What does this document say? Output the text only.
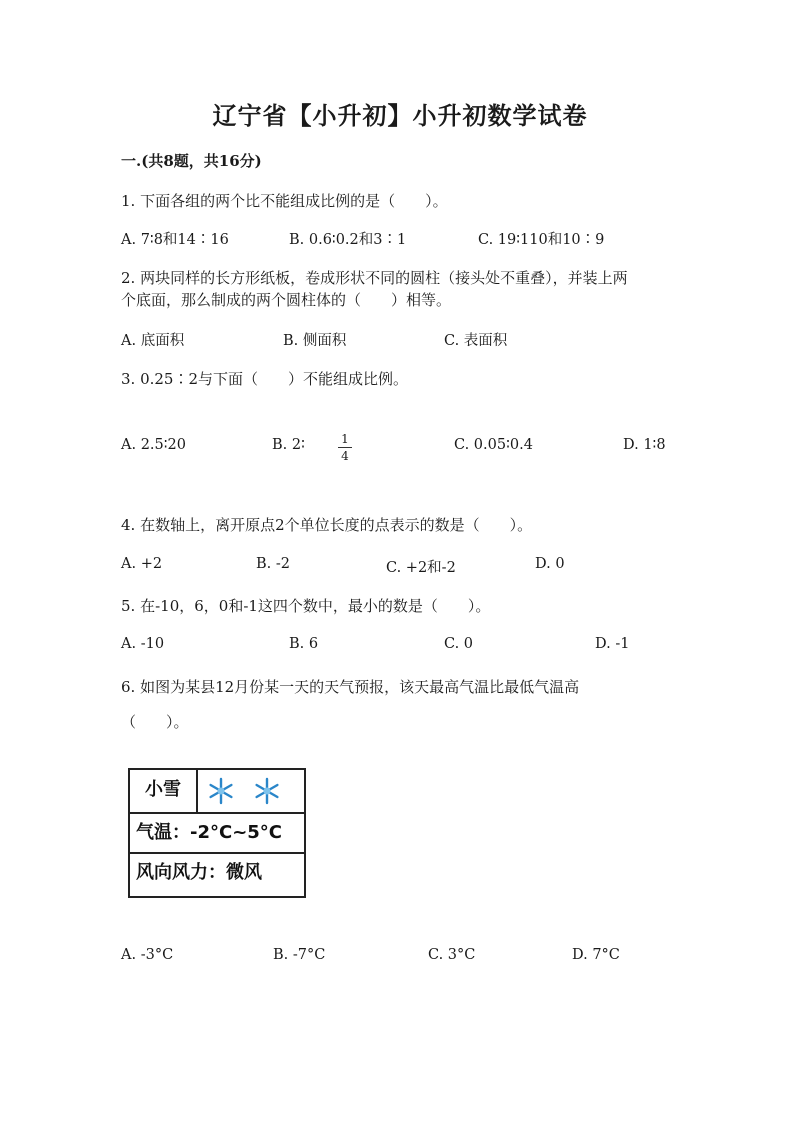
辽宁省【小升初】小升初数学试卷
一.(共8题，共16分)
1. 下面各组的两个比不能组成比例的是（　　）。
A. 7∶8和14∶16	B. 0.6∶0.2和3∶1	C. 19∶110和10∶9
2. 两块同样的长方形纸板，卷成形状不同的圆柱（接头处不重叠），并装上两
个底面，那么制成的两个圆柱体的（　　）相等。
A. 底面积	B. 侧面积	C. 表面积
3. 0.25∶2与下面（　　）不能组成比例。
A. 2.5∶20	B. 2∶	1
4
C. 0.05∶0.4	D. 1∶8
4. 在数轴上，离开原点2个单位长度的点表示的数是（　　）。
A. +2	B. -2	C. +2和-2	D. 0
5. 在-10，6，0和-1这四个数中，最小的数是（　　）。
A. -10	B. 6	C. 0	D. -1
6. 如图为某县12月份某一天的天气预报，该天最高气温比最低气温高
（　　）。
小雪
气温：-2°C~5°C
风向风力：微风
A. -3°C	B. -7°C	C. 3°C	D. 7°C
